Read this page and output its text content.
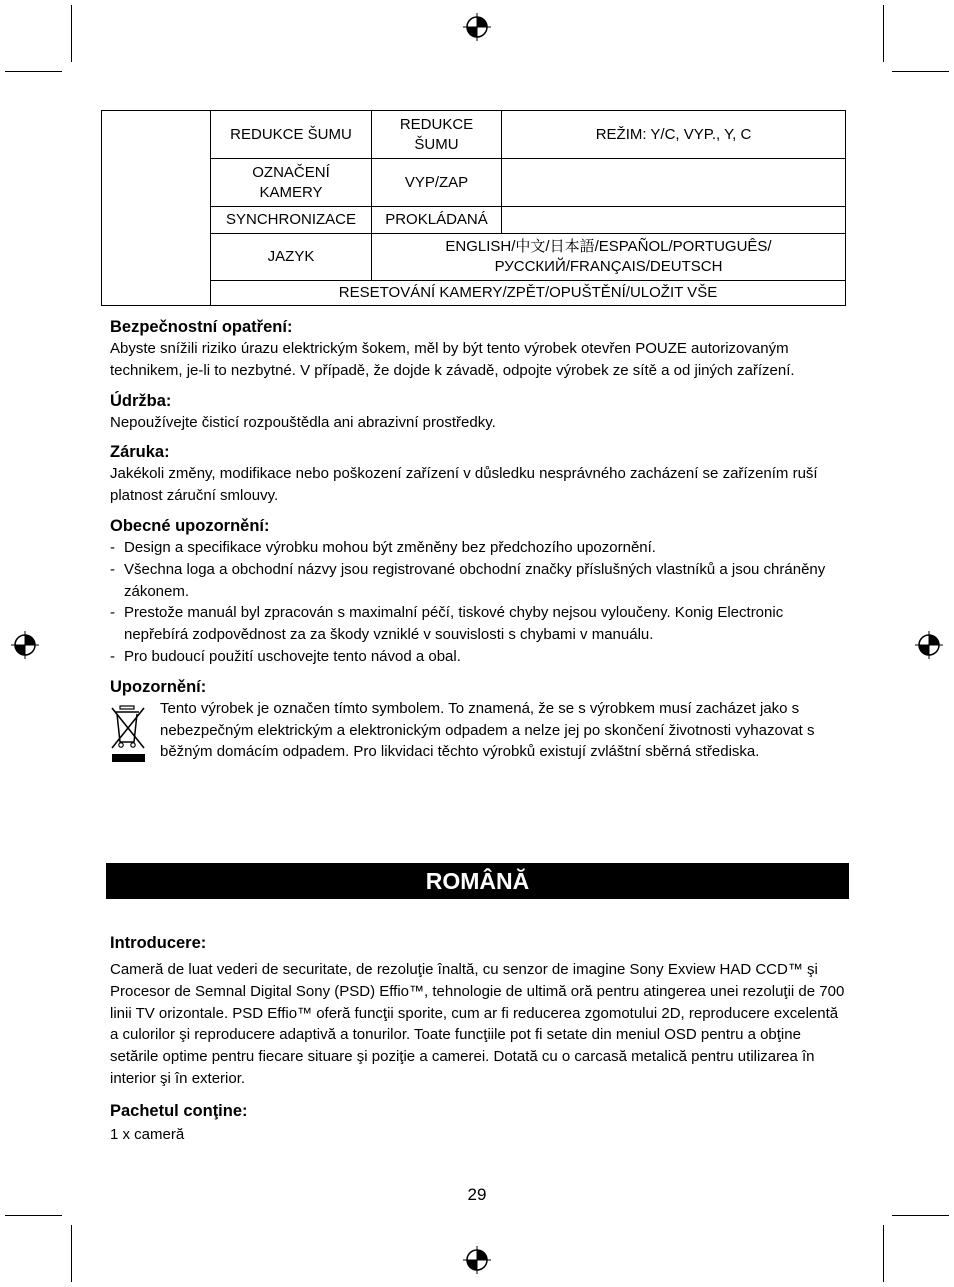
	REDUKCE ŠUMU	REDUKCE ŠUMU	REŽIM: Y/C, VYP., Y, C
	OZNAČENÍ KAMERY	VYP/ZAP	
	SYNCHRONIZACE	PROKLÁDANÁ	
	JAZYK	ENGLISH/中文/日本語/ESPAÑOL/PORTUGUÊS/ РУССКИЙ/FRANÇAIS/DEUTSCH	
	RESETOVÁNÍ KAMERY/ZPĚT/OPUŠTĚNÍ/ULOŽIT VŠE		
Bezpečnostní opatření:

Abyste snížili riziko úrazu elektrickým šokem, měl by být tento výrobek otevřen POUZE autorizovaným technikem, je-li to nezbytné. V případě, že dojde k závadě, odpojte výrobek ze sítě a od jiných zařízení.

Údržba:

Nepoužívejte čisticí rozpouštědla ani abrazivní prostředky.

Záruka:

Jakékoli změny, modifikace nebo poškození zařízení v důsledku nesprávného zacházení se zařízením ruší platnost záruční smlouvy.

Obecné upozornění:
- Design a specifikace výrobku mohou být změněny bez předchozího upozornění.
- Všechna loga a obchodní názvy jsou registrované obchodní značky příslušných vlastníků a jsou chráněny zákonem.
- Prestože manuál byl zpracován s maximalní péčí, tiskové chyby nejsou vyloučeny. Konig Electronic nepřebírá zodpovědnost za za škody vzniklé v souvislosti s chybami v manuálu.
- Pro budoucí použití uschovejte tento návod a obal.
Upozornění:

Tento výrobek je označen tímto symbolem. To znamená, že se s výrobkem musí zacházet jako s nebezpečným elektrickým a elektronickým odpadem a nelze jej po skončení životnosti vyhazovat s běžným domácím odpadem. Pro likvidaci těchto výrobků existují zvláštní sběrná střediska.

ROMÂNĂ
Introducere:

Cameră de luat vederi de securitate, de rezoluţie înaltă, cu senzor de imagine Sony Exview HAD CCD™ şi Procesor de Semnal Digital Sony (PSD) Effio™, tehnologie de ultimă oră pentru atingerea unei rezoluţii de 700 linii TV orizontale. PSD Effio™ oferă funcţii sporite, cum ar fi reducerea zgomotului 2D, reproducere excelentă a culorilor şi reproducere adaptivă a tonurilor. Toate funcţiile pot fi setate din meniul OSD pentru a obţine setările optime pentru fiecare situare şi poziţie a camerei. Dotată cu o carcasă metalică pentru utilizarea în interior şi în exterior.

Pachetul conţine:

1 x cameră

29
